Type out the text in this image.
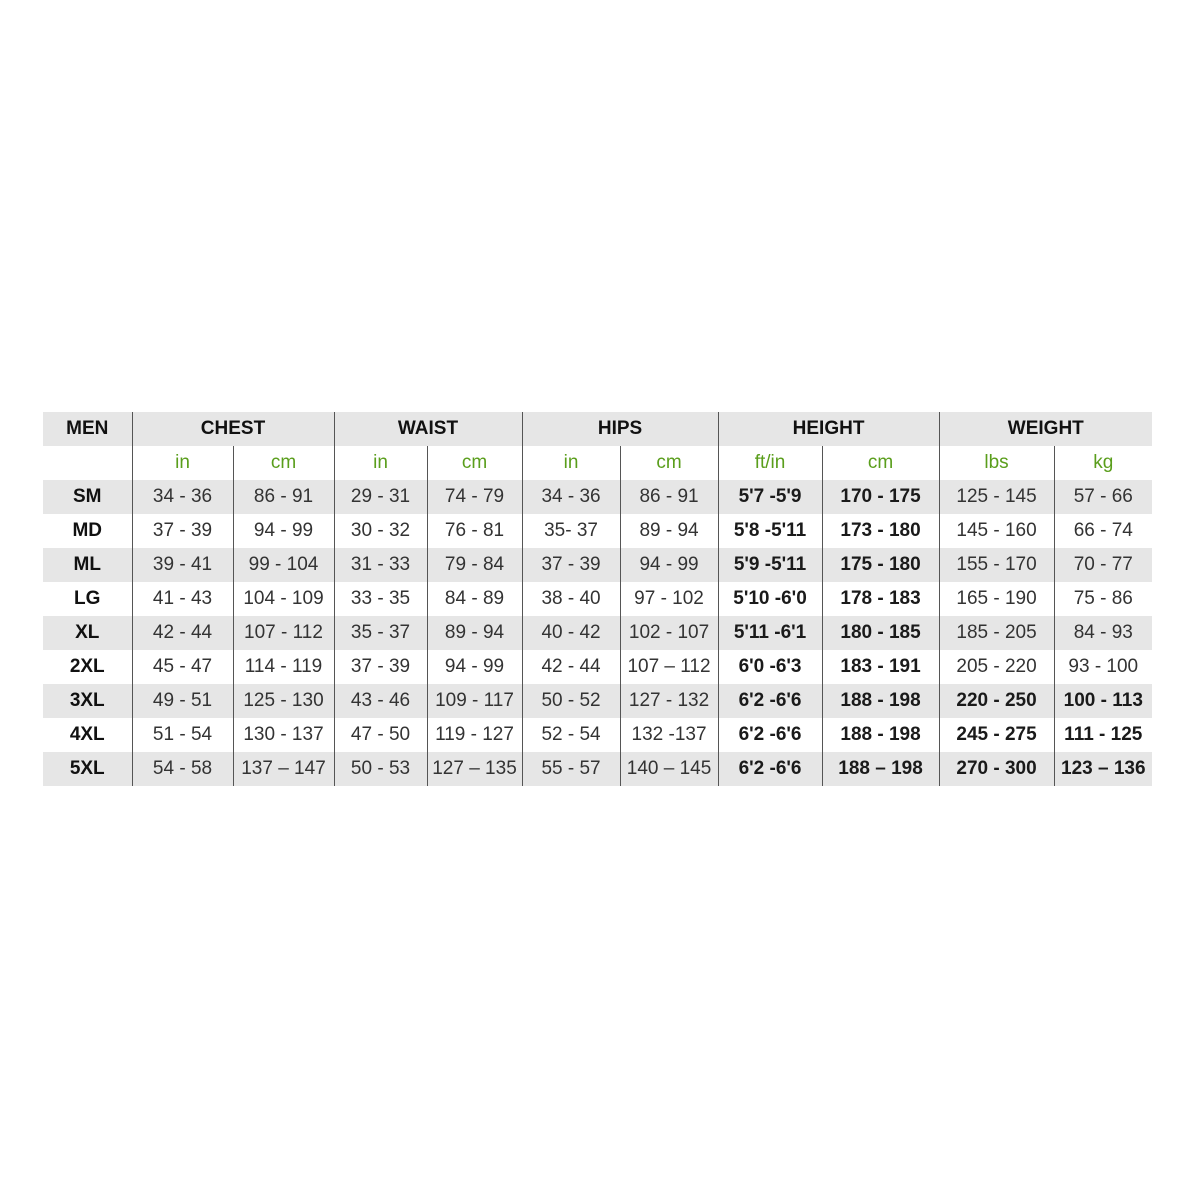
MEN	CHEST		WAIST		HIPS		HEIGHT		WEIGHT	
	in	cm	in	cm	in	cm	ft/in	cm	lbs	kg
SM	34 - 36	86 - 91	29 - 31	74 - 79	34 - 36	86 - 91	5'7 -5'9	170 - 175	125 - 145	57 - 66
MD	37 - 39	94 - 99	30 - 32	76 - 81	35- 37	89 - 94	5'8 -5'11	173 - 180	145 - 160	66 - 74
ML	39 - 41	99 - 104	31 - 33	79 - 84	37 - 39	94 - 99	5'9 -5'11	175 - 180	155 - 170	70 - 77
LG	41 - 43	104 - 109	33 - 35	84 - 89	38 - 40	97 - 102	5'10 -6'0	178 - 183	165 - 190	75 - 86
XL	42 - 44	107 - 112	35 - 37	89 - 94	40 - 42	102 - 107	5'11 -6'1	180 - 185	185 - 205	84 - 93
2XL	45 - 47	114 - 119	37 - 39	94 - 99	42 - 44	107 – 112	6'0 -6'3	183 - 191	205 - 220	93 - 100
3XL	49 - 51	125 - 130	43 - 46	109 - 117	50 - 52	127 - 132	6'2 -6'6	188 - 198	220 - 250	100 - 113
4XL	51 - 54	130 - 137	47 - 50	119 - 127	52 - 54	132 -137	6'2 -6'6	188 - 198	245 - 275	111 - 125
5XL	54 - 58	137 – 147	50 - 53	127 – 135	55 - 57	140 – 145	6'2 -6'6	188 – 198	270 - 300	123 – 136
